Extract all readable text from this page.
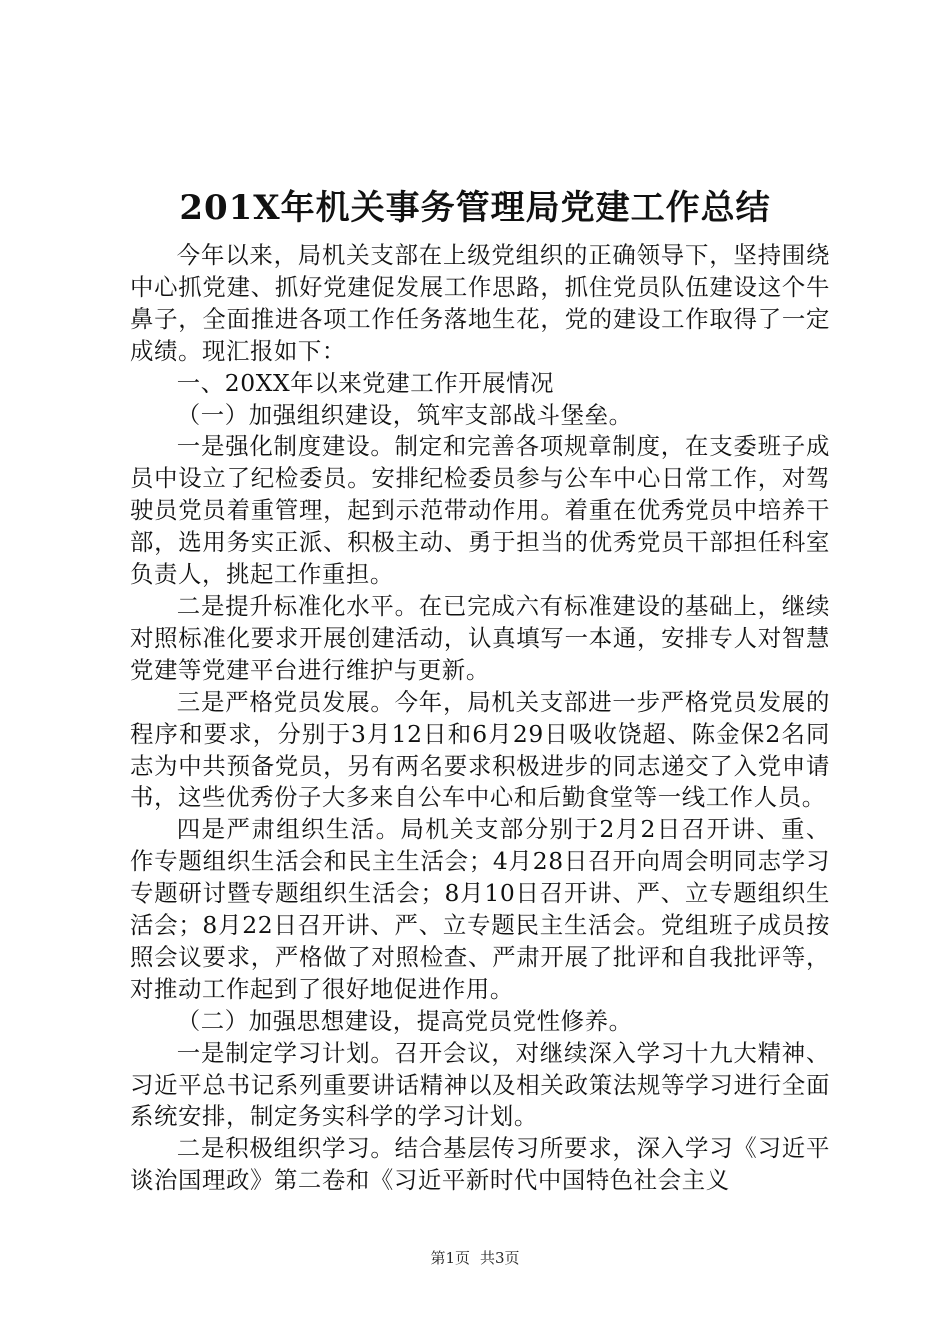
201X年机关事务管理局党建工作总结

今年以来，局机关支部在上级党组织的正确领导下，坚持围绕中心抓党建、抓好党建促发展工作思路，抓住党员队伍建设这个牛鼻子，全面推进各项工作任务落地生花，党的建设工作取得了一定成绩。现汇报如下：

一、20XX年以来党建工作开展情况

（一）加强组织建设，筑牢支部战斗堡垒。

一是强化制度建设。制定和完善各项规章制度，在支委班子成员中设立了纪检委员。安排纪检委员参与公车中心日常工作，对驾驶员党员着重管理，起到示范带动作用。着重在优秀党员中培养干部，选用务实正派、积极主动、勇于担当的优秀党员干部担任科室负责人，挑起工作重担。

二是提升标准化水平。在已完成六有标准建设的基础上，继续对照标准化要求开展创建活动，认真填写一本通，安排专人对智慧党建等党建平台进行维护与更新。

三是严格党员发展。今年，局机关支部进一步严格党员发展的程序和要求，分别于3月12日和6月29日吸收饶超、陈金保2名同志为中共预备党员，另有两名要求积极进步的同志递交了入党申请书，这些优秀份子大多来自公车中心和后勤食堂等一线工作人员。

四是严肃组织生活。局机关支部分别于2月2日召开讲、重、作专题组织生活会和民主生活会；4月28日召开向周会明同志学习专题研讨暨专题组织生活会；8月10日召开讲、严、立专题组织生活会；8月22日召开讲、严、立专题民主生活会。党组班子成员按照会议要求，严格做了对照检查、严肃开展了批评和自我批评等，对推动工作起到了很好地促进作用。

（二）加强思想建设，提高党员党性修养。

一是制定学习计划。召开会议，对继续深入学习十九大精神、习近平总书记系列重要讲话精神以及相关政策法规等学习进行全面系统安排，制定务实科学的学习计划。

二是积极组织学习。结合基层传习所要求，深入学习《习近平谈治国理政》第二卷和《习近平新时代中国特色社会主义

第1页 共3页
